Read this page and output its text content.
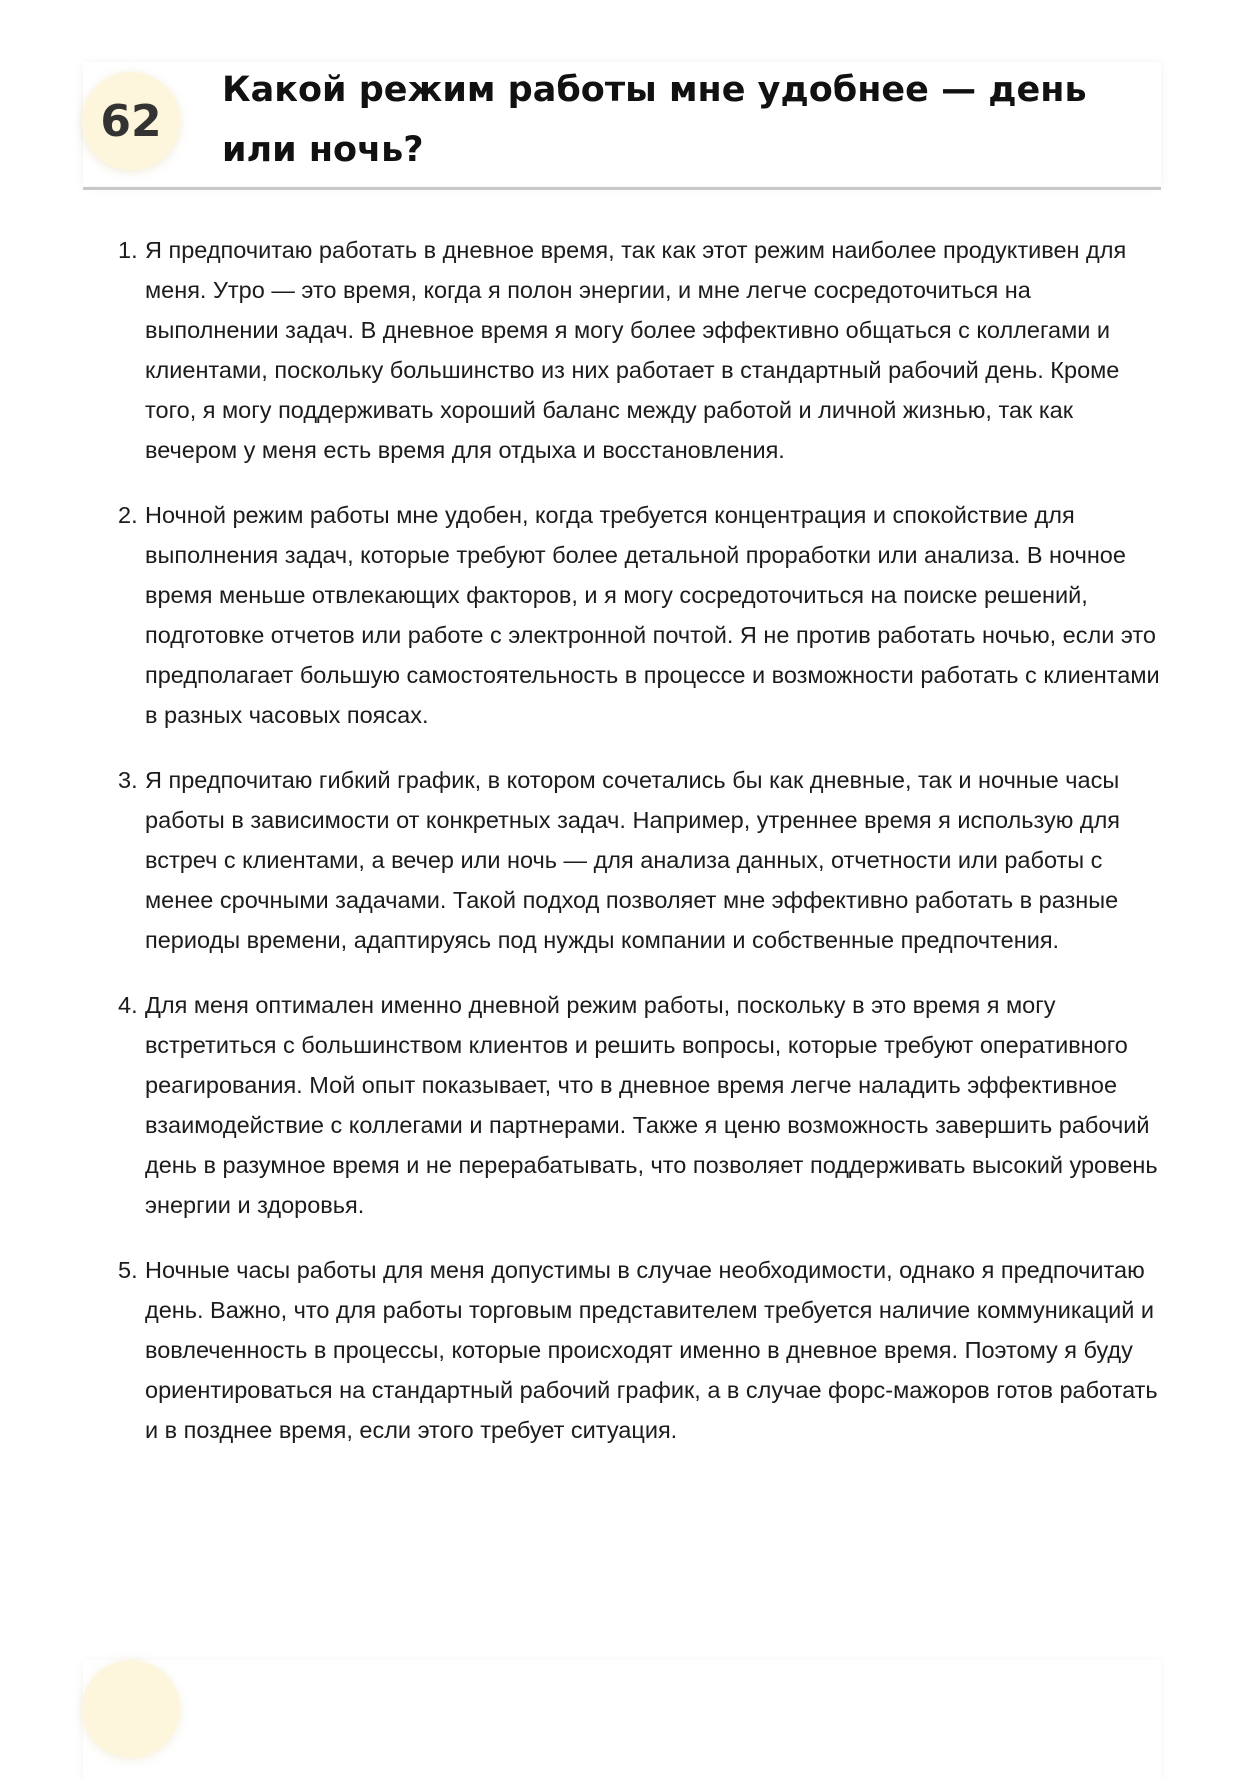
62
Какой режим работы мне удобнее — день или ночь?
1. Я предпочитаю работать в дневное время, так как этот режим наиболее продуктивен для меня. Утро — это время, когда я полон энергии, и мне легче сосредоточиться на выполнении задач. В дневное время я могу более эффективно общаться с коллегами и клиентами, поскольку большинство из них работает в стандартный рабочий день. Кроме того, я могу поддерживать хороший баланс между работой и личной жизнью, так как вечером у меня есть время для отдыха и восстановления.
2. Ночной режим работы мне удобен, когда требуется концентрация и спокойствие для выполнения задач, которые требуют более детальной проработки или анализа. В ночное время меньше отвлекающих факторов, и я могу сосредоточиться на поиске решений, подготовке отчетов или работе с электронной почтой. Я не против работать ночью, если это предполагает большую самостоятельность в процессе и возможности работать с клиентами в разных часовых поясах.
3. Я предпочитаю гибкий график, в котором сочетались бы как дневные, так и ночные часы работы в зависимости от конкретных задач. Например, утреннее время я использую для встреч с клиентами, а вечер или ночь — для анализа данных, отчетности или работы с менее срочными задачами. Такой подход позволяет мне эффективно работать в разные периоды времени, адаптируясь под нужды компании и собственные предпочтения.
4. Для меня оптимален именно дневной режим работы, поскольку в это время я могу встретиться с большинством клиентов и решить вопросы, которые требуют оперативного реагирования. Мой опыт показывает, что в дневное время легче наладить эффективное взаимодействие с коллегами и партнерами. Также я ценю возможность завершить рабочий день в разумное время и не перерабатывать, что позволяет поддерживать высокий уровень энергии и здоровья.
5. Ночные часы работы для меня допустимы в случае необходимости, однако я предпочитаю день. Важно, что для работы торговым представителем требуется наличие коммуникаций и вовлеченность в процессы, которые происходят именно в дневное время. Поэтому я буду ориентироваться на стандартный рабочий график, а в случае форс-мажоров готов работать и в позднее время, если этого требует ситуация.
